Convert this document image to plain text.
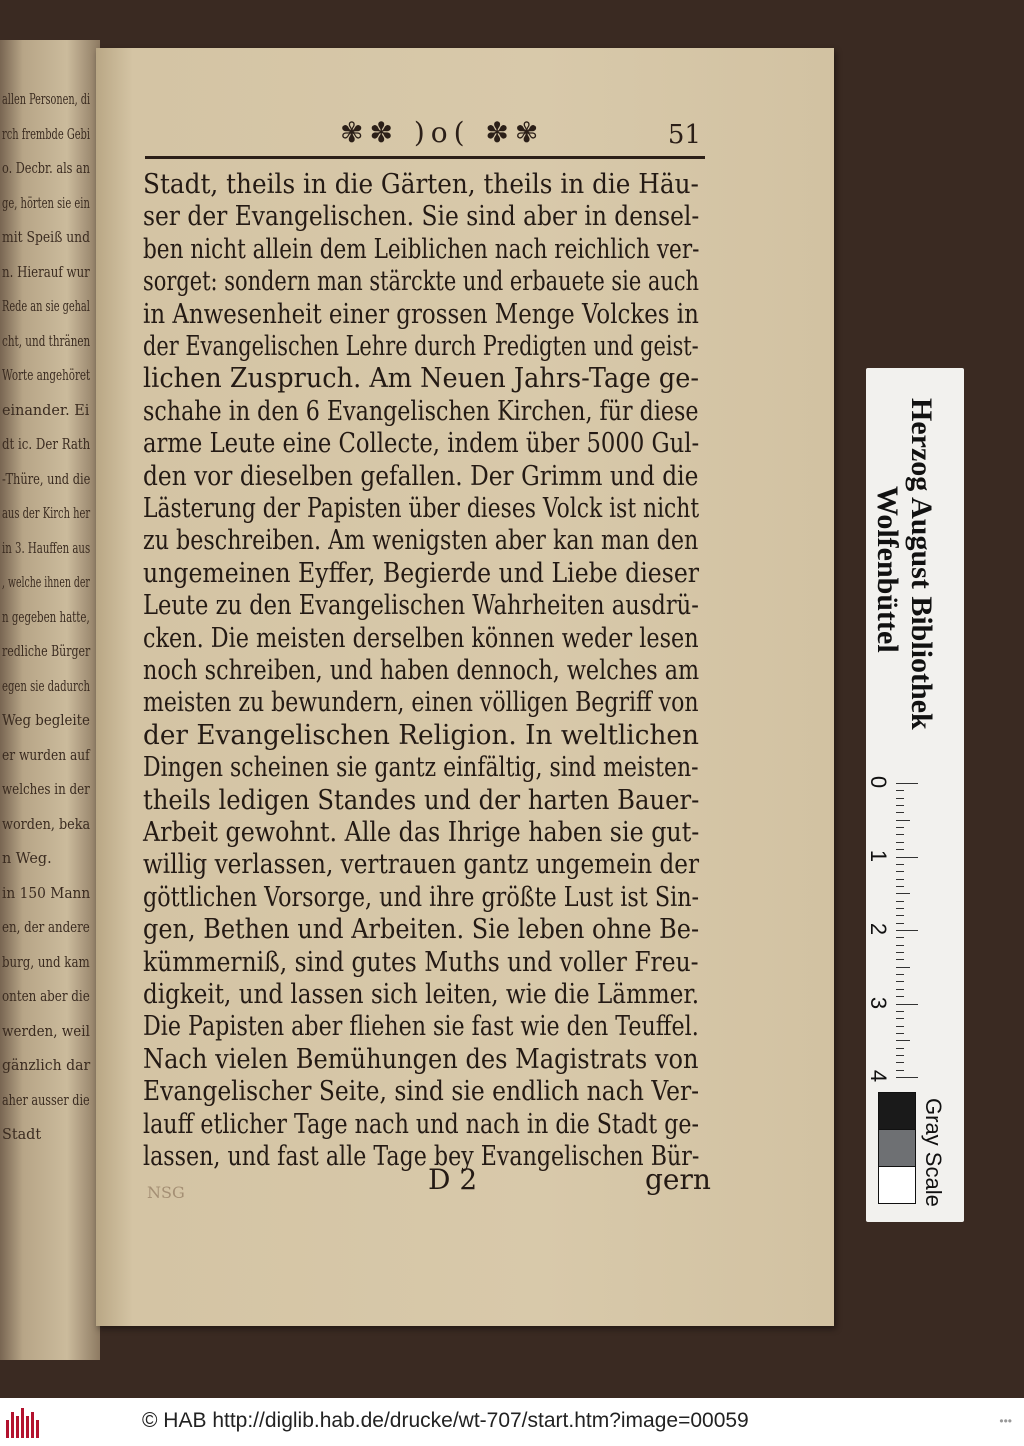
allen Personen, di
rch frembde Gebi
o. Decbr. als an
ge, hörten sie ein
mit Speiß und
n. Hierauf wur
Rede an sie gehal
cht, und thränen
Worte angehöret
einander. Ei
dt ic. Der Rath
-Thüre, und die
aus der Kirch her
in 3. Hauffen aus
, welche ihnen der
n gegeben hatte,
redliche Bürger
egen sie dadurch
Weg begleite
er wurden auf
welches in der
worden, beka
n Weg.
in 150 Mann
en, der andere
burg, und kam
onten aber die
werden, weil
gänzlich dar
aher ausser die
Stadt
✾✽ )o( ✽✾	51
Stadt, theils in die Gärten, theils in die Häu-
ser der Evangelischen. Sie sind aber in densel-
ben nicht allein dem Leiblichen nach reichlich ver-
sorget: sondern man stärckte und erbauete sie auch
in Anwesenheit einer grossen Menge Volckes in
der Evangelischen Lehre durch Predigten und geist-
lichen Zuspruch. Am Neuen Jahrs-Tage ge-
schahe in den 6 Evangelischen Kirchen, für diese
arme Leute eine Collecte, indem über 5000 Gul-
den vor dieselben gefallen. Der Grimm und die
Lästerung der Papisten über dieses Volck ist nicht
zu beschreiben. Am wenigsten aber kan man den
ungemeinen Eyffer, Begierde und Liebe dieser
Leute zu den Evangelischen Wahrheiten ausdrü-
cken. Die meisten derselben können weder lesen
noch schreiben, und haben dennoch, welches am
meisten zu bewundern, einen völligen Begriff von
der Evangelischen Religion. In weltlichen
Dingen scheinen sie gantz einfältig, sind meisten-
theils ledigen Standes und der harten Bauer-
Arbeit gewohnt. Alle das Ihrige haben sie gut-
willig verlassen, vertrauen gantz ungemein der
göttlichen Vorsorge, und ihre größte Lust ist Sin-
gen, Bethen und Arbeiten. Sie leben ohne Be-
kümmerniß, sind gutes Muths und voller Freu-
digkeit, und lassen sich leiten, wie die Lämmer.
Die Papisten aber fliehen sie fast wie den Teuffel.
Nach vielen Bemühungen des Magistrats von
Evangelischer Seite, sind sie endlich nach Ver-
lauff etlicher Tage nach und nach in die Stadt ge-
lassen, und fast alle Tage bey Evangelischen Bür-
NSG	D 2	gern
Herzog August Bibliothek
Wolfenbüttel
0
1
2
3
4
Gray Scale
© HAB http://diglib.hab.de/drucke/wt-707/start.htm?image=00059	•••
